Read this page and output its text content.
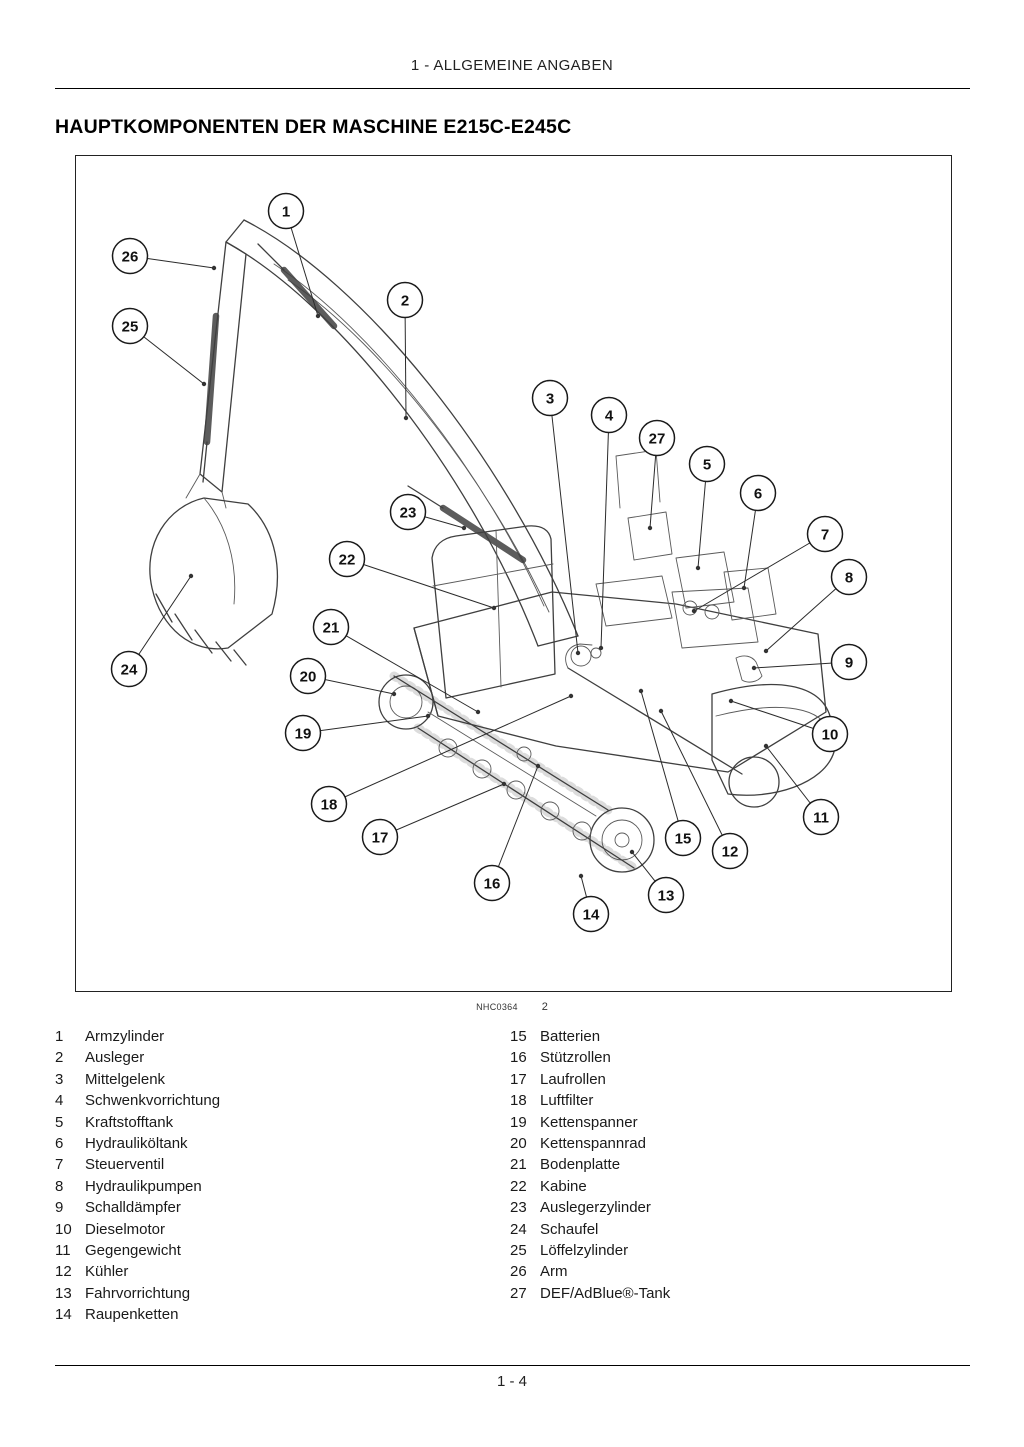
1 - ALLGEMEINE ANGABEN
HAUPTKOMPONENTEN DER MASCHINE E215C-E245C
1
26
25
2
3
4
27
5
6
7
8
9
10
11
12
15
13
14
16
17
18
19
20
21
22
23
24
NHC0364 2
1	Armzylinder
2	Ausleger
3	Mittelgelenk
4	Schwenkvorrichtung
5	Kraftstofftank
6	Hydrauliköltank
7	Steuerventil
8	Hydraulikpumpen
9	Schalldämpfer
10 Dieselmotor
11 Gegengewicht
12 Kühler
13 Fahrvorrichtung
14 Raupenketten
15 Batterien
16 Stützrollen
17 Laufrollen
18 Luftfilter
19 Kettenspanner
20 Kettenspannrad
21 Bodenplatte
22 Kabine
23 Auslegerzylinder
24 Schaufel
25 Löffelzylinder
26 Arm
27 DEF/AdBlue®-Tank
1 - 4
